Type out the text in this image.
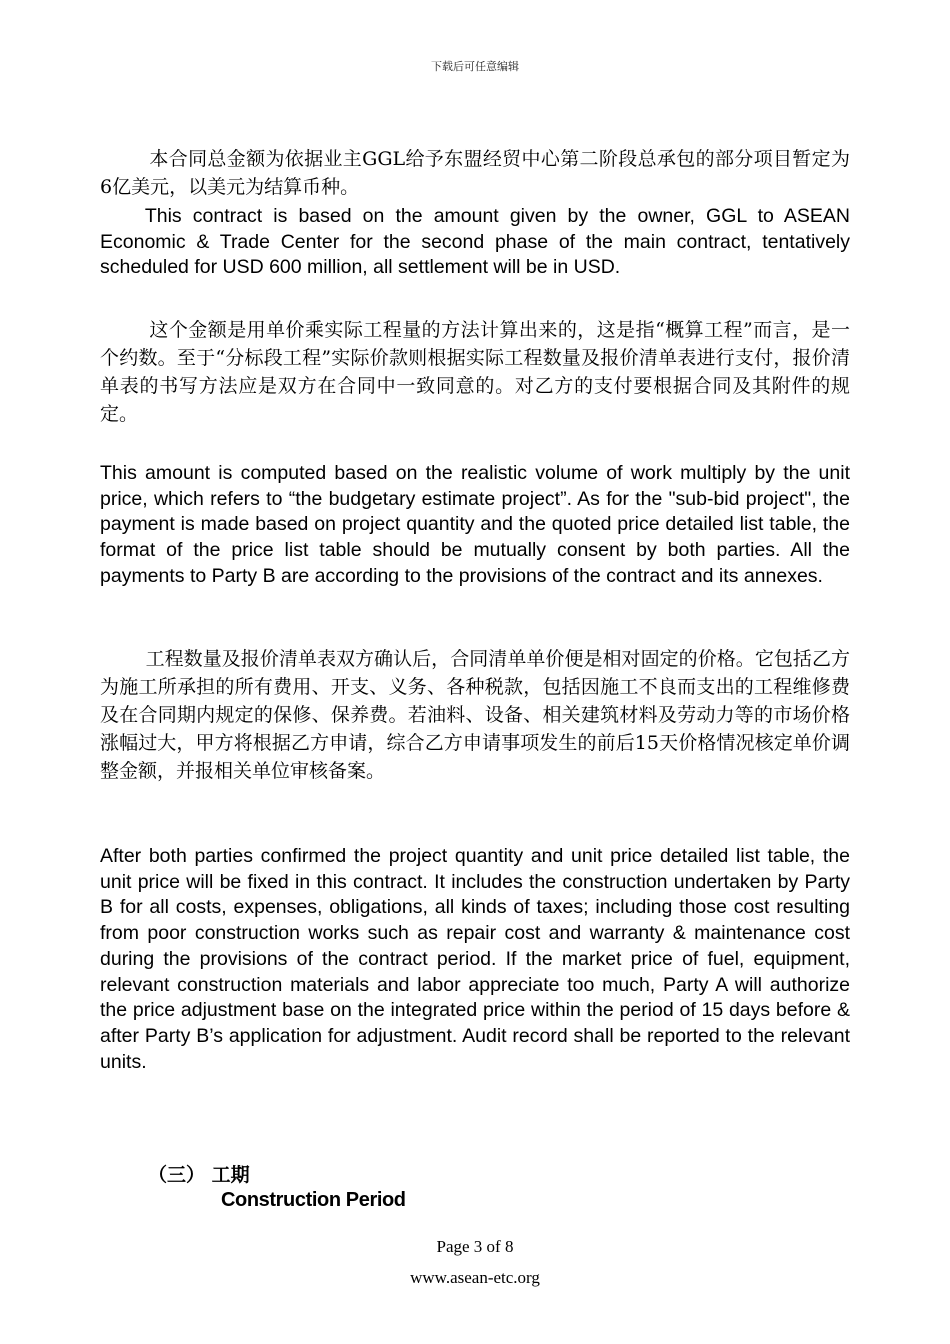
下载后可任意编辑

本合同总金额为依据业主GGL给予东盟经贸中心第二阶段总承包的部分项目暂定为6亿美元，以美元为结算币种。

This contract is based on the amount given by the owner, GGL to ASEAN Economic & Trade Center for the second phase of the main contract, tentatively scheduled for USD 600 million, all settlement will be in USD.

这个金额是用单价乘实际工程量的方法计算出来的，这是指“概算工程”而言，是一个约数。至于“分标段工程”实际价款则根据实际工程数量及报价清单表进行支付，报价清单表的书写方法应是双方在合同中一致同意的。对乙方的支付要根据合同及其附件的规定。

This amount is computed based on the realistic volume of work multiply by the unit price, which refers to “the budgetary estimate project”. As for the "sub-bid project", the payment is made based on project quantity and the quoted price detailed list table, the format of the price list table should be mutually consent by both parties. All the payments to Party B are according to the provisions of the contract and its annexes.

工程数量及报价清单表双方确认后，合同清单单价便是相对固定的价格。它包括乙方为施工所承担的所有费用、开支、义务、各种税款，包括因施工不良而支出的工程维修费及在合同期内规定的保修、保养费。若油料、设备、相关建筑材料及劳动力等的市场价格涨幅过大，甲方将根据乙方申请，综合乙方申请事项发生的前后15天价格情况核定单价调整金额，并报相关单位审核备案。

After both parties confirmed the project quantity and unit price detailed list table, the unit price will be fixed in this contract. It includes the construction undertaken by Party B for all costs, expenses, obligations, all kinds of taxes; including those cost resulting from poor construction works such as repair cost and warranty & maintenance cost during the provisions of the contract period. If the market price of fuel, equipment, relevant construction materials and labor appreciate too much, Party A will authorize the price adjustment base on the integrated price within the period of 15 days before & after Party B’s application for adjustment. Audit record shall be reported to the relevant units.

（三） 工期
Construction Period
Page 3 of 8
www.asean-etc.org
